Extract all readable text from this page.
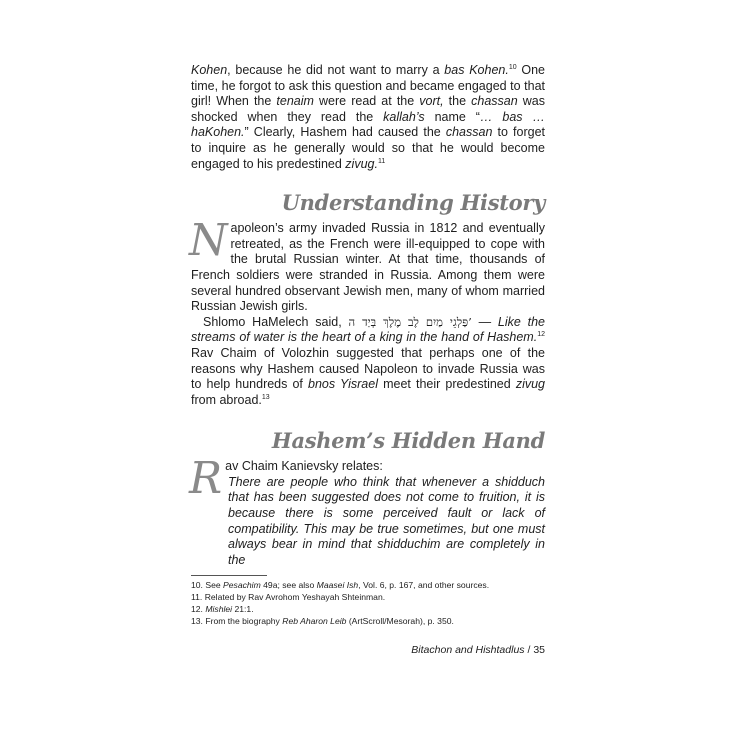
Kohen, because he did not want to marry a bas Kohen.$^{10}$ One time, he forgot to ask this question and became engaged to that girl! When the tenaim were read at the vort, the chassan was shocked when they read the kallah’s name “… bas … haKohen.” Clearly, Hashem had caused the chassan to forget to inquire as he generally would so that he would become engaged to his predestined zivug.$^{11}$

Understanding History

Napoleon’s army invaded Russia in 1812 and eventually retreated, as the French were ill-equipped to cope with the brutal Russian winter. At that time, thousands of French soldiers were stranded in Russia. Among them were several hundred observant Jewish men, many of whom married Russian Jewish girls.

Shlomo HaMelech said, ’פַּלְגֵי מַיִם לֶב מֶלֶךְ בְּיַד ה — Like the streams of water is the heart of a king in the hand of Hashem.$^{12}$ Rav Chaim of Volozhin suggested that perhaps one of the reasons why Hashem caused Napoleon to invade Russia was to help hundreds of bnos Yisrael meet their predestined zivug from abroad.$^{13}$

Hashem’s Hidden Hand
R av Chaim Kanievsky relates:

There are people who think that whenever a shidduch that has been suggested does not come to fruition, it is because there is some perceived fault or lack of compatibility. This may be true sometimes, but one must always bear in mind that shidduchim are completely in the

10. See Pesachim 49a; see also Maasei Ish, Vol. 6, p. 167, and other sources.
11. Related by Rav Avrohom Yeshayah Shteinman.
12. Mishlei 21:1.
13. From the biography Reb Aharon Leib (ArtScroll/Mesorah), p. 350.

Bitachon and Hishtadlus / 35
